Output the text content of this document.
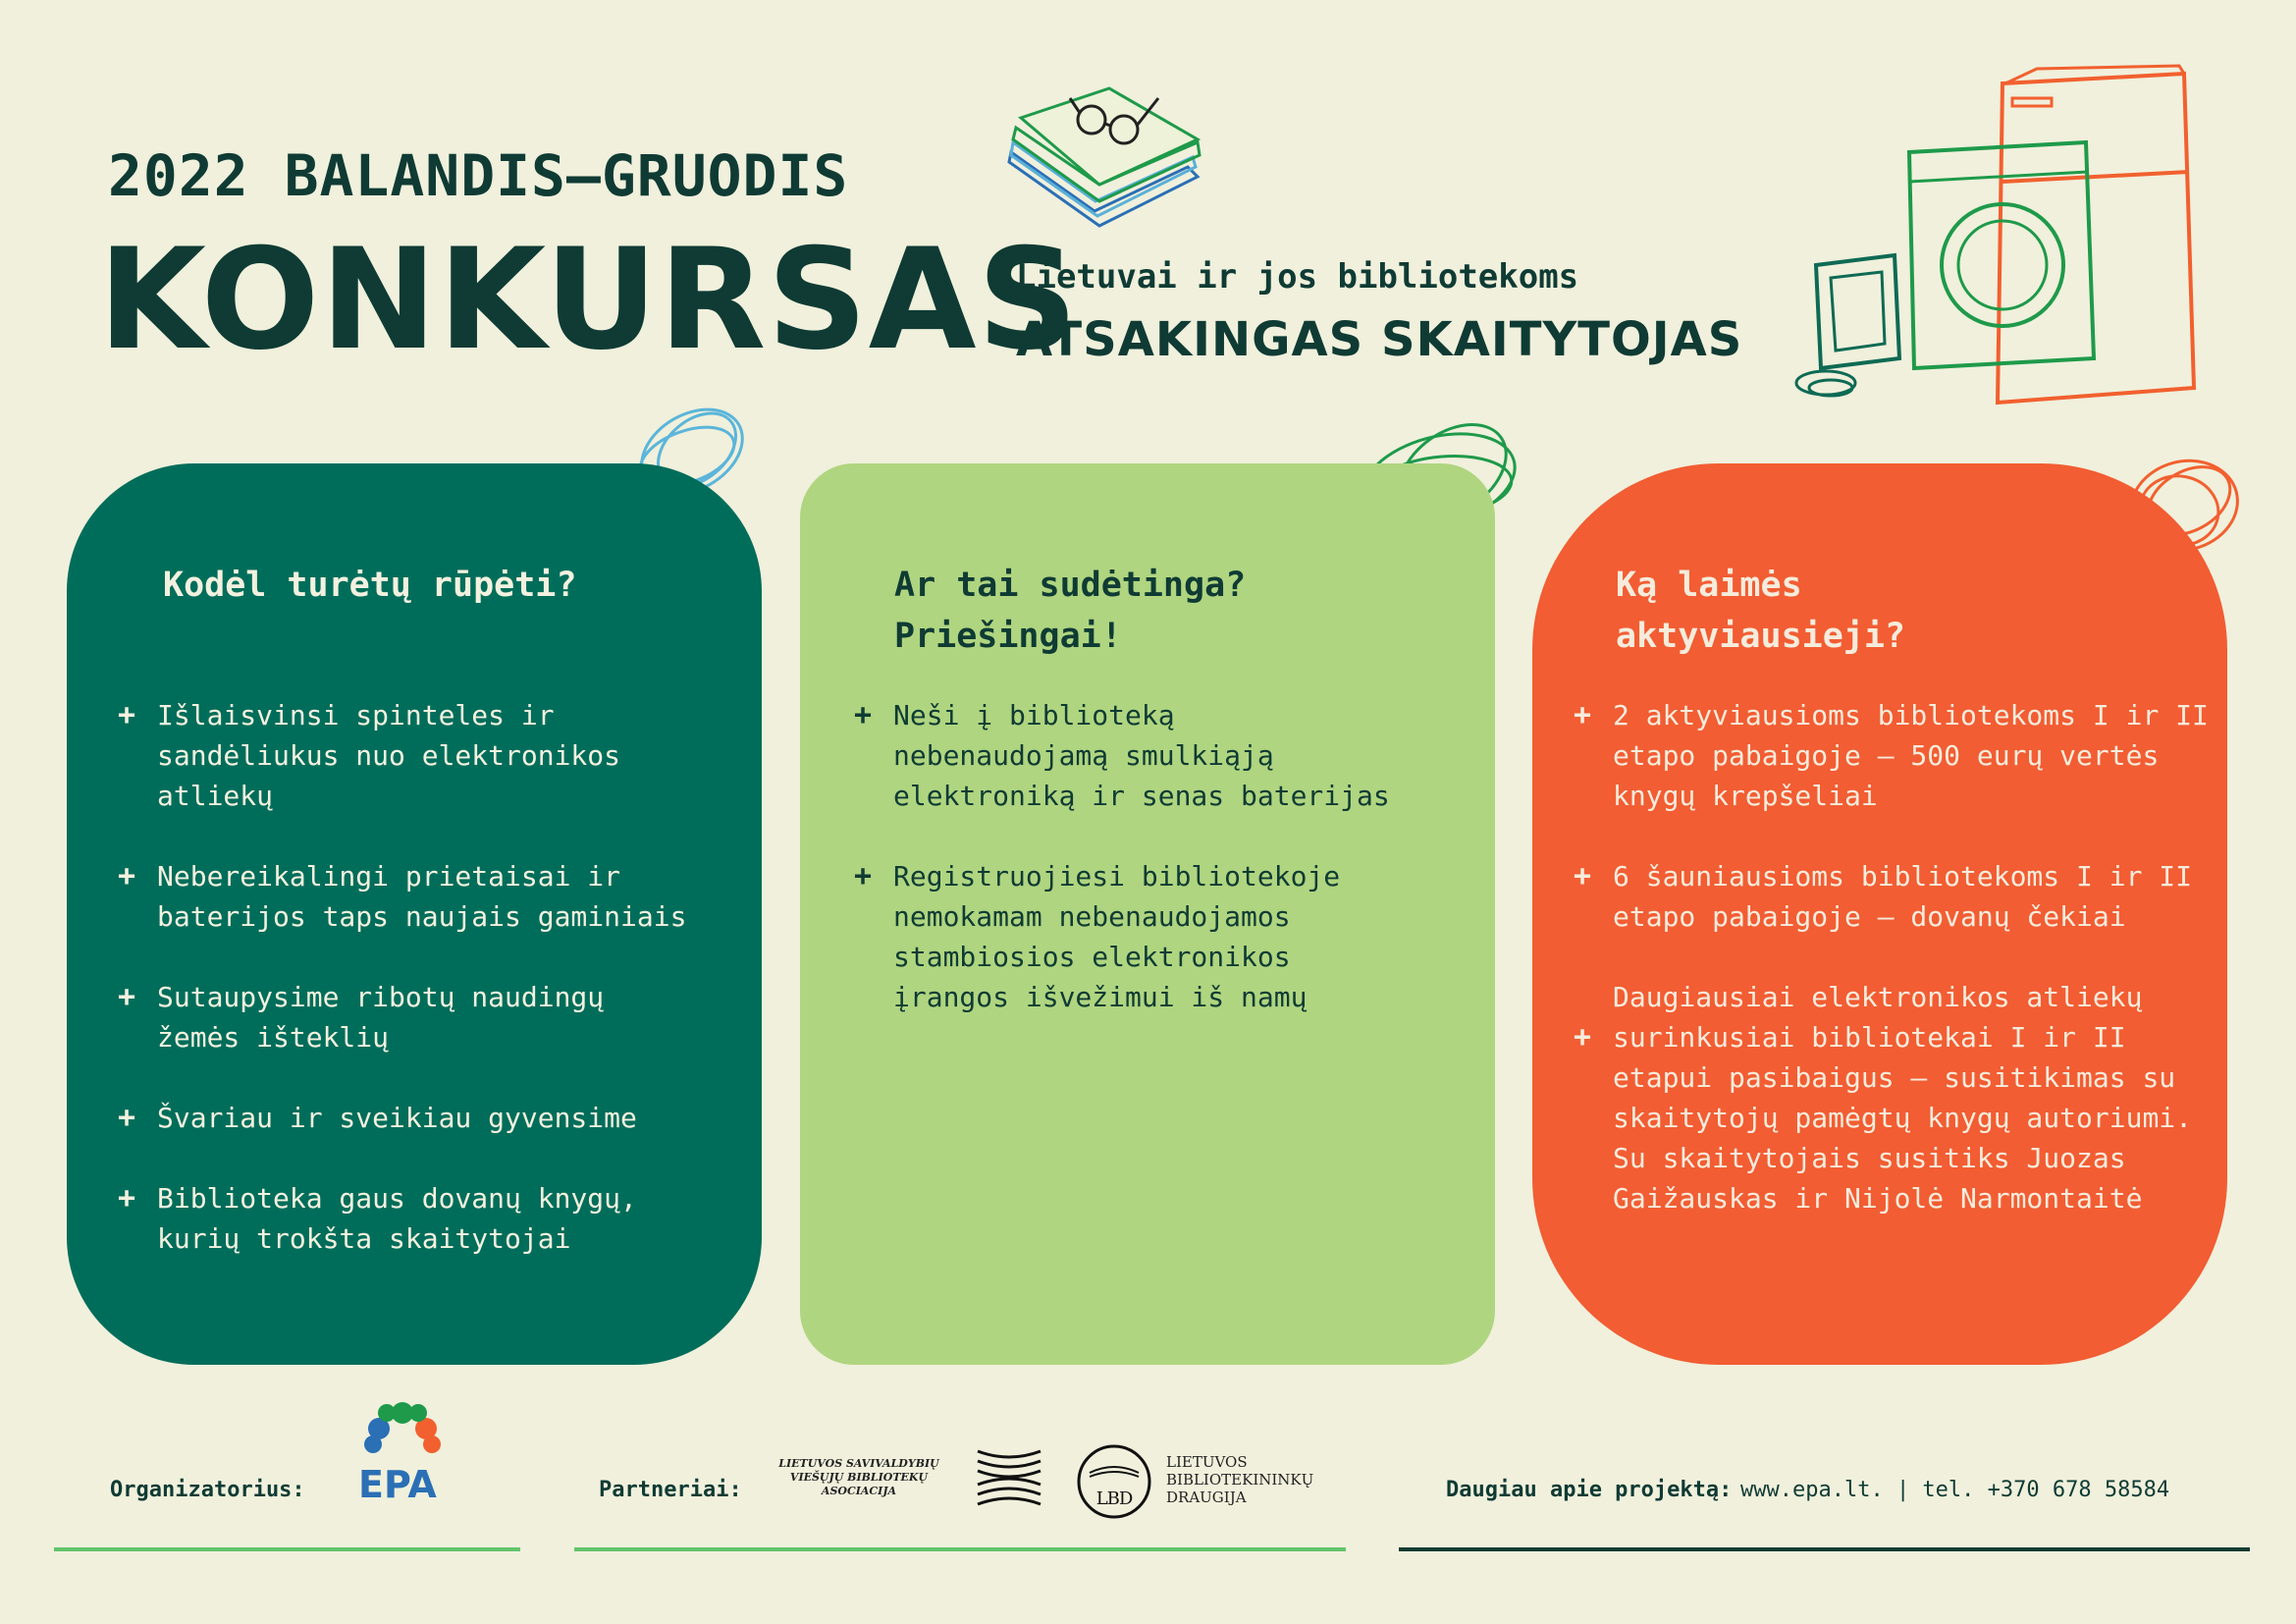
2022 BALANDIS–GRUODIS
KONKURSAS
Lietuvai ir jos bibliotekoms
ATSAKINGAS SKAITYTOJAS
Kodėl turėtų rūpėti?
+ Išlaisvinsi spinteles ir
sandėliukus nuo elektronikos
atliekų
+ Nebereikalingi prietaisai ir
baterijos taps naujais gaminiais
+ Sutaupysime ribotų naudingų
žemės išteklių
+ Švariau ir sveikiau gyvensime
+ Biblioteka gaus dovanų knygų,
kurių trokšta skaitytojai
Ar tai sudėtinga?
Priešingai!
+ Neši į biblioteką
nebenaudojamą smulkiąją
elektroniką ir senas baterijas
+ Registruojiesi bibliotekoje
nemokamam nebenaudojamos
stambiosios elektronikos
įrangos išvežimui iš namų
Ką laimės
aktyviausieji?
+ 2 aktyviausioms bibliotekoms I ir II
etapo pabaigoje – 500 eurų vertės
knygų krepšeliai
+ 6 šauniausioms bibliotekoms I ir II
etapo pabaigoje – dovanų čekiai
+
Daugiausiai elektronikos atliekų
surinkusiai bibliotekai I ir II
etapui pasibaigus – susitikimas su
skaitytojų pamėgtų knygų autoriumi.
Su skaitytojais susitiks Juozas
Gaižauskas ir Nijolė Narmontaitė
Organizatorius: EPA	Partneriai:
LIETUVOS SAVIVALDYBIŲ
VIEŠŲJŲ BIBLIOTEKŲ
ASOCIACIJA	LBD
LIETUVOS
BIBLIOTEKININKŲ
DRAUGIJA	Daugiau apie projektą: www.epa.lt. | tel. +370 678 58584
